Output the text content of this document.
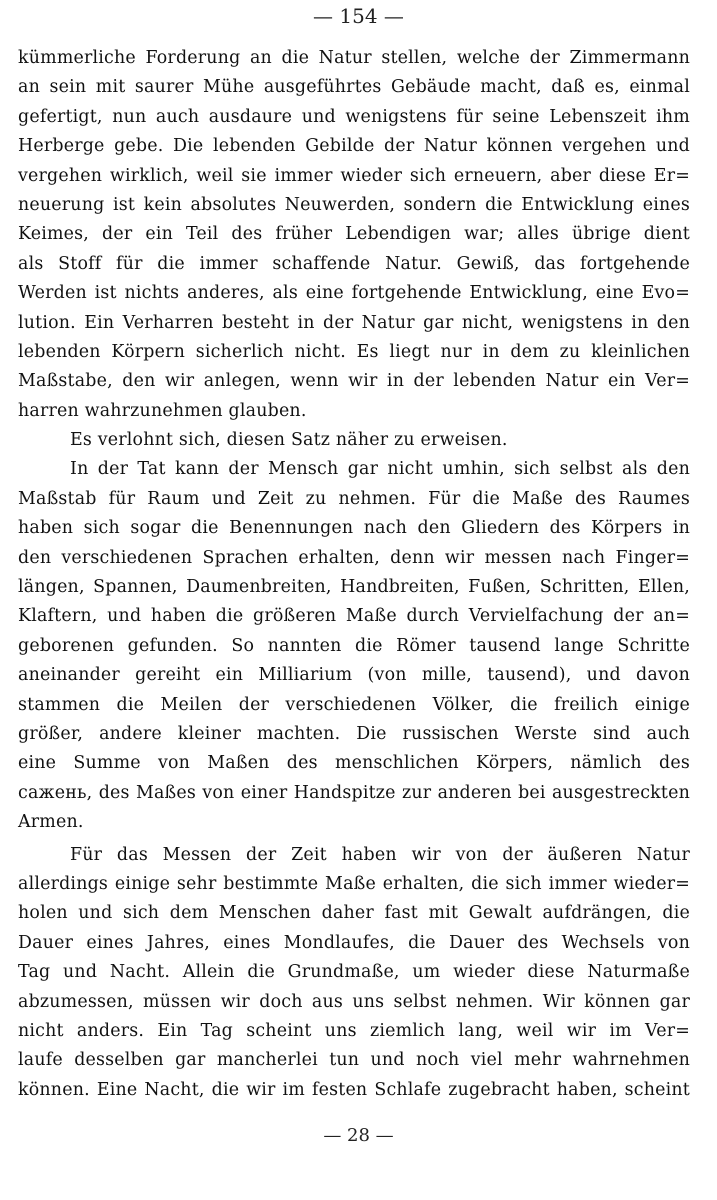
— 154 —
kümmerliche Forderung an die Natur stellen, welche der Zimmermann
an sein mit saurer Mühe ausgeführtes Gebäude macht, daß es, einmal
gefertigt, nun auch ausdaure und wenigstens für seine Lebenszeit ihm
Herberge gebe. Die lebenden Gebilde der Natur können vergehen und
vergehen wirklich, weil sie immer wieder sich erneuern, aber diese Er=
neuerung ist kein absolutes Neuwerden, sondern die Entwicklung eines
Keimes, der ein Teil des früher Lebendigen war; alles übrige dient
als Stoff für die immer schaffende Natur. Gewiß, das fortgehende
Werden ist nichts anderes, als eine fortgehende Entwicklung, eine Evo=
lution. Ein Verharren besteht in der Natur gar nicht, wenigstens in den
lebenden Körpern sicherlich nicht. Es liegt nur in dem zu kleinlichen
Maßstabe, den wir anlegen, wenn wir in der lebenden Natur ein Ver=
harren wahrzunehmen glauben.
Es verlohnt sich, diesen Satz näher zu erweisen.
In der Tat kann der Mensch gar nicht umhin, sich selbst als den
Maßstab für Raum und Zeit zu nehmen. Für die Maße des Raumes
haben sich sogar die Benennungen nach den Gliedern des Körpers in
den verschiedenen Sprachen erhalten, denn wir messen nach Finger=
längen, Spannen, Daumenbreiten, Handbreiten, Fußen, Schritten, Ellen,
Klaftern, und haben die größeren Maße durch Vervielfachung der an=
geborenen gefunden. So nannten die Römer tausend lange Schritte
aneinander gereiht ein Milliarium (von mille, tausend), und davon
stammen die Meilen der verschiedenen Völker, die freilich einige
größer, andere kleiner machten. Die russischen Werste sind auch
eine Summe von Maßen des menschlichen Körpers, nämlich des
сажень, des Maßes von einer Handspitze zur anderen bei ausgestreckten
Armen.
Für das Messen der Zeit haben wir von der äußeren Natur
allerdings einige sehr bestimmte Maße erhalten, die sich immer wieder=
holen und sich dem Menschen daher fast mit Gewalt aufdrängen, die
Dauer eines Jahres, eines Mondlaufes, die Dauer des Wechsels von
Tag und Nacht. Allein die Grundmaße, um wieder diese Naturmaße
abzumessen, müssen wir doch aus uns selbst nehmen. Wir können gar
nicht anders. Ein Tag scheint uns ziemlich lang, weil wir im Ver=
laufe desselben gar mancherlei tun und noch viel mehr wahrnehmen
können. Eine Nacht, die wir im festen Schlafe zugebracht haben, scheint
— 28 —
